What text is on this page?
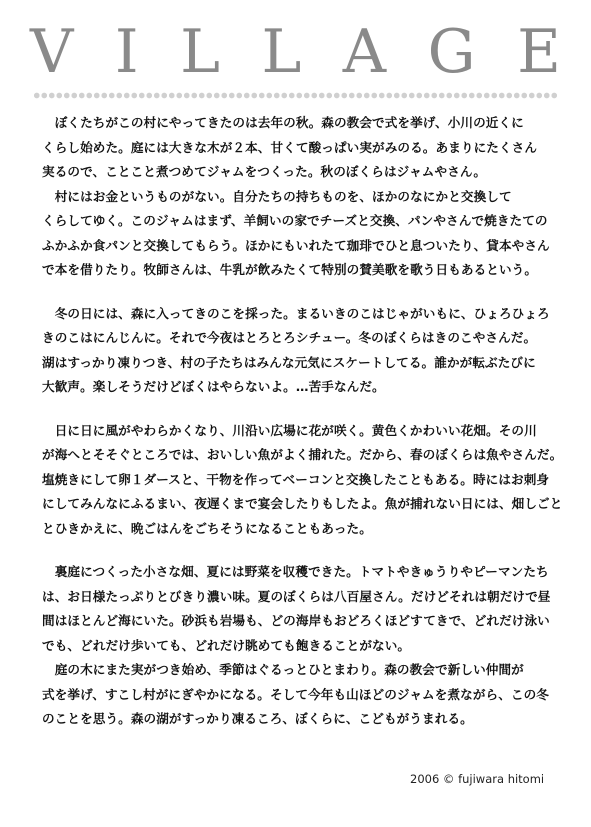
V I L L A G E

　ぼくたちがこの村にやってきたのは去年の秋。森の教会で式を挙げ、小川の近くに
くらし始めた。庭には大きな木が２本、甘くて酸っぱい実がみのる。あまりにたくさん
実るので、ことこと煮つめてジャムをつくった。秋のぼくらはジャムやさん。

　村にはお金というものがない。自分たちの持ちものを、ほかのなにかと交換して
くらしてゆく。このジャムはまず、羊飼いの家でチーズと交換、パンやさんで焼きたての
ふかふか食パンと交換してもらう。ほかにもいれたて珈琲でひと息ついたり、貸本やさん
で本を借りたり。牧師さんは、牛乳が飲みたくて特別の賛美歌を歌う日もあるという。

　冬の日には、森に入ってきのこを採った。まるいきのこはじゃがいもに、ひょろひょろ
きのこはにんじんに。それで今夜はとろとろシチュー。冬のぼくらはきのこやさんだ。
湖はすっかり凍りつき、村の子たちはみんな元気にスケートしてる。誰かが転ぶたびに
大歓声。楽しそうだけどぼくはやらないよ。…苦手なんだ。

　日に日に風がやわらかくなり、川沿い広場に花が咲く。黄色くかわいい花畑。その川
が海へとそそぐところでは、おいしい魚がよく捕れた。だから、春のぼくらは魚やさんだ。
塩焼きにして卵１ダースと、干物を作ってベーコンと交換したこともある。時にはお刺身
にしてみんなにふるまい、夜遅くまで宴会したりもしたよ。魚が捕れない日には、畑しごと
とひきかえに、晩ごはんをごちそうになることもあった。

　裏庭につくった小さな畑、夏には野菜を収穫できた。トマトやきゅうりやピーマンたち
は、お日様たっぷりとびきり濃い味。夏のぼくらは八百屋さん。だけどそれは朝だけで昼
間はほとんど海にいた。砂浜も岩場も、どの海岸もおどろくほどすてきで、どれだけ泳い
でも、どれだけ歩いても、どれだけ眺めても飽きることがない。

　庭の木にまた実がつき始め、季節はぐるっとひとまわり。森の教会で新しい仲間が
式を挙げ、すこし村がにぎやかになる。そして今年も山ほどのジャムを煮ながら、この冬
のことを思う。森の湖がすっかり凍るころ、ぼくらに、こどもがうまれる。

2006 © fujiwara hitomi
